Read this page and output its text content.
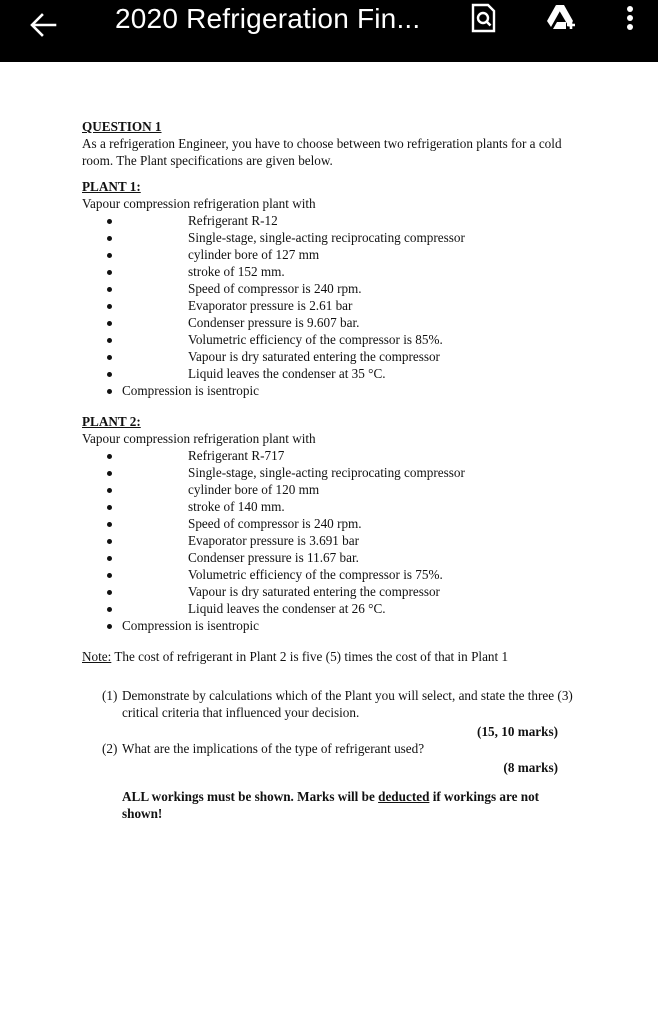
2020 Refrigeration Fin...

QUESTION 1

As a refrigeration Engineer, you have to choose between two refrigeration plants for a cold room. The Plant specifications are given below.

PLANT 1:

Vapour compression refrigeration plant with

Refrigerant R-12
Single-stage, single-acting reciprocating compressor
cylinder bore of 127 mm
stroke of 152 mm.
Speed of compressor is 240 rpm.
Evaporator pressure is 2.61 bar
Condenser pressure is 9.607 bar.
Volumetric efficiency of the compressor is 85%.
Vapour is dry saturated entering the compressor
Liquid leaves the condenser at 35 °C.
Compression is isentropic

PLANT 2:

Vapour compression refrigeration plant with

Refrigerant R-717
Single-stage, single-acting reciprocating compressor
cylinder bore of 120 mm
stroke of 140 mm.
Speed of compressor is 240 rpm.
Evaporator pressure is 3.691 bar
Condenser pressure is 11.67 bar.
Volumetric efficiency of the compressor is 75%.
Vapour is dry saturated entering the compressor
Liquid leaves the condenser at 26 °C.
Compression is isentropic

Note: The cost of refrigerant in Plant 2 is five (5) times the cost of that in Plant 1

(1) Demonstrate by calculations which of the Plant you will select, and state the three (3) critical criteria that influenced your decision.
(15, 10 marks)
(2) What are the implications of the type of refrigerant used?
(8 marks)

ALL workings must be shown. Marks will be deducted if workings are not shown!
